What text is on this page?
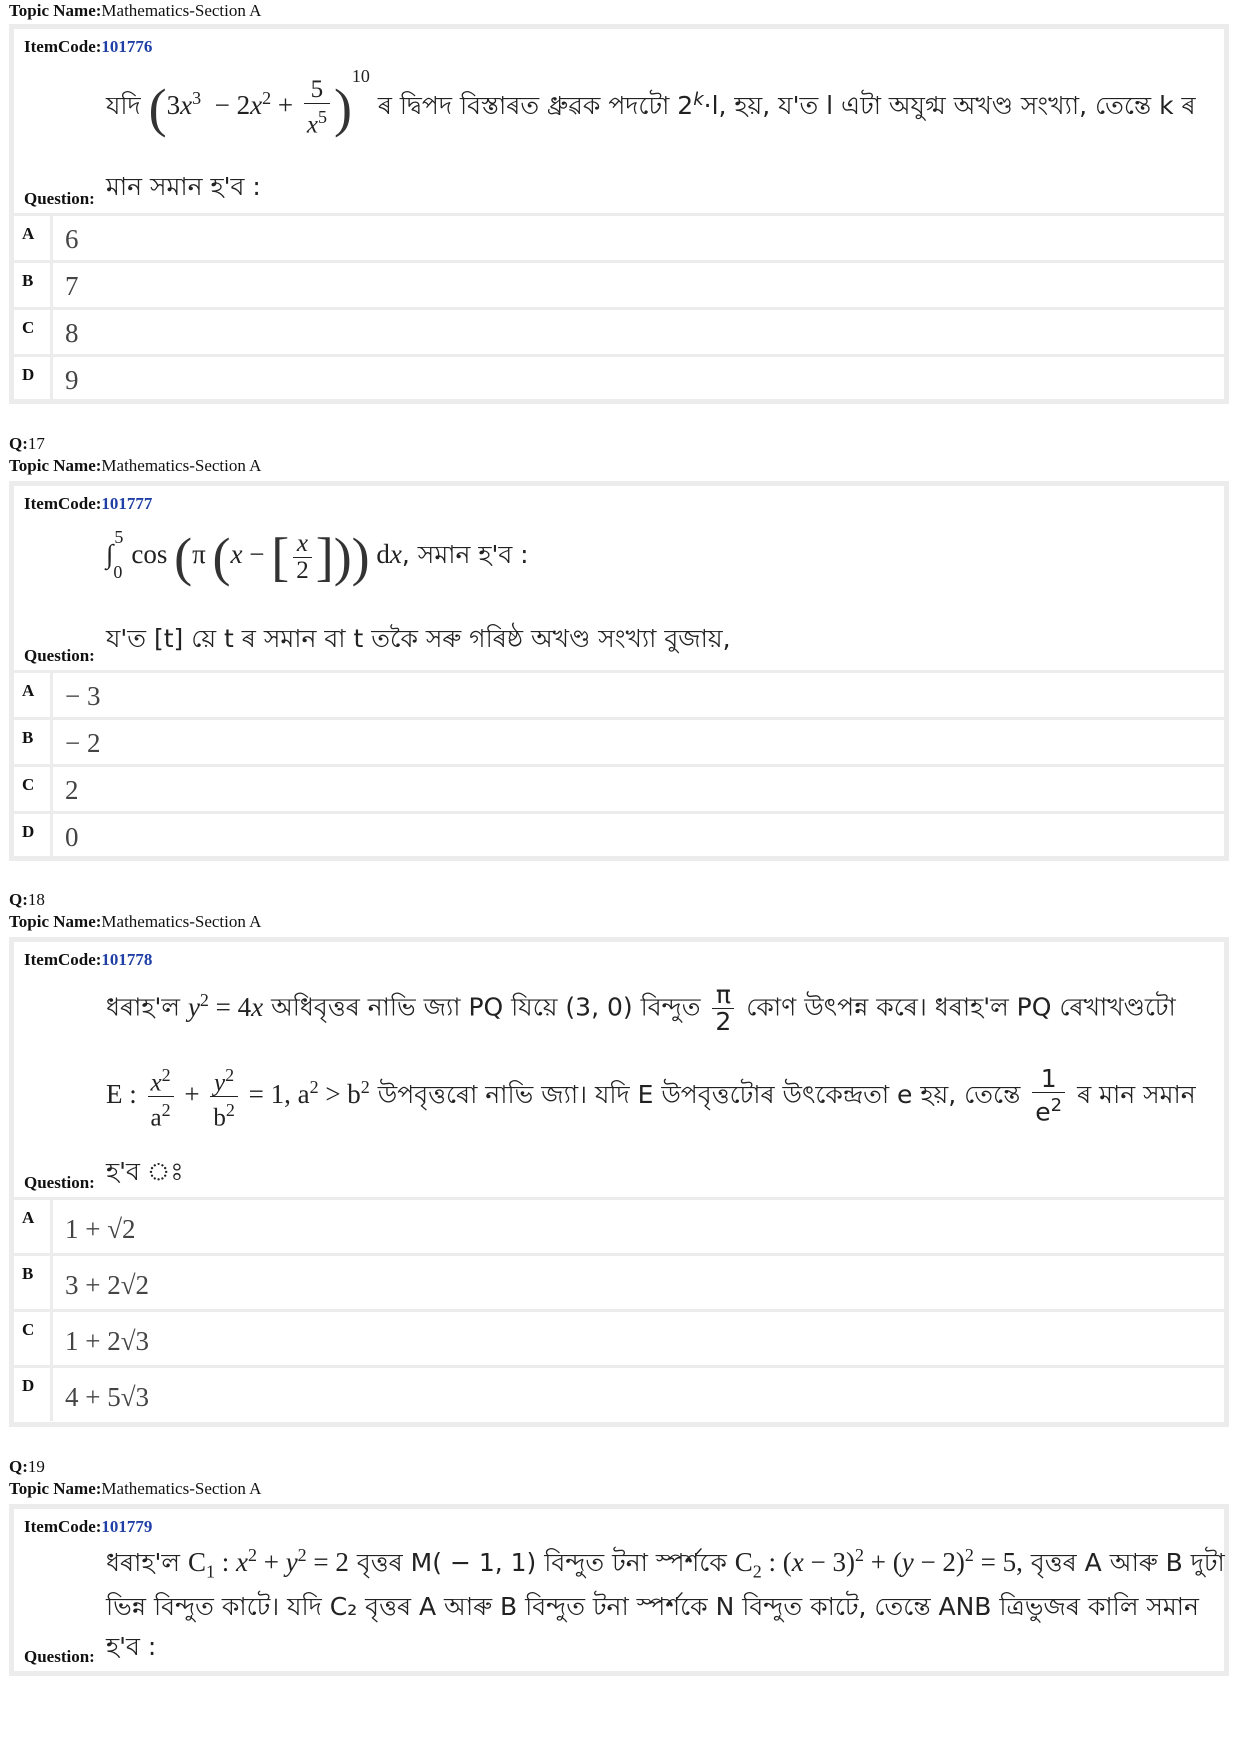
Topic Name:Mathematics-Section A
ItemCode:101776
যদি $(3x^3 - 2x^2 + \frac{5}{x^5} )^{10}$ ৰ দ্বিপদ বিস্তাৰত ধ্ৰুৱক পদটো $2^k\cdot l$, হয়, য'ত l এটা অযুগ্ম অখণ্ড সংখ্যা, তেন্তে k ৰ
মান সমান হ'ব :
Question:
A	6
B	7
C	8
D	9
Q:17
Topic Name:Mathematics-Section A
ItemCode:101777
$\int_0^5\cos$ (π (x − [ $\frac{x}{2}$ ])) dx, সমান হ'ব :
য'ত [t] য়ে t ৰ সমান বা t তকৈ সৰু গৰিষ্ঠ অখণ্ড সংখ্যা বুজায়,
Question:
A	− 3
B	− 2
C	2
D	0
Q:18
Topic Name:Mathematics-Section A
ItemCode:101778
ধৰাহ'ল $y^2 = 4x$ অধিবৃত্তৰ নাভি জ্যা PQ যিয়ে (3, 0) বিন্দুত $\frac{\pi}{2}$ কোণ উৎপন্ন কৰে। ধৰাহ'ল PQ ৰেখাখণ্ডটো
E : $\frac{x^2}{a^2} + \frac{y^2}{b^2} = 1$, $a^2 > b^2$ উপবৃত্তৰো নাভি জ্যা। যদি E উপবৃত্তটোৰ উৎকেন্দ্ৰতা e হয়, তেন্তে $\frac{1}{e^2}$ ৰ মান সমান
হ'ব ঃ
Question:
A	1 + √2
B	3 + 2√2
C	1 + 2√3
D	4 + 5√3
Q:19
Topic Name:Mathematics-Section A
ItemCode:101779
ধৰাহ'ল $C_1$ : $x^2 + y^2 = 2$ বৃত্তৰ M( − 1, 1) বিন্দুত টনা স্পৰ্শকে $C_2$ : $(x - 3)^2 + (y - 2)^2 = 5$, বৃত্তৰ A আৰু B দুটা
ভিন্ন বিন্দুত কাটে। যদি C₂ বৃত্তৰ A আৰু B বিন্দুত টনা স্পৰ্শকে N বিন্দুত কাটে, তেন্তে ANB ত্ৰিভুজৰ কালি সমান
হ'ব :
Question:
